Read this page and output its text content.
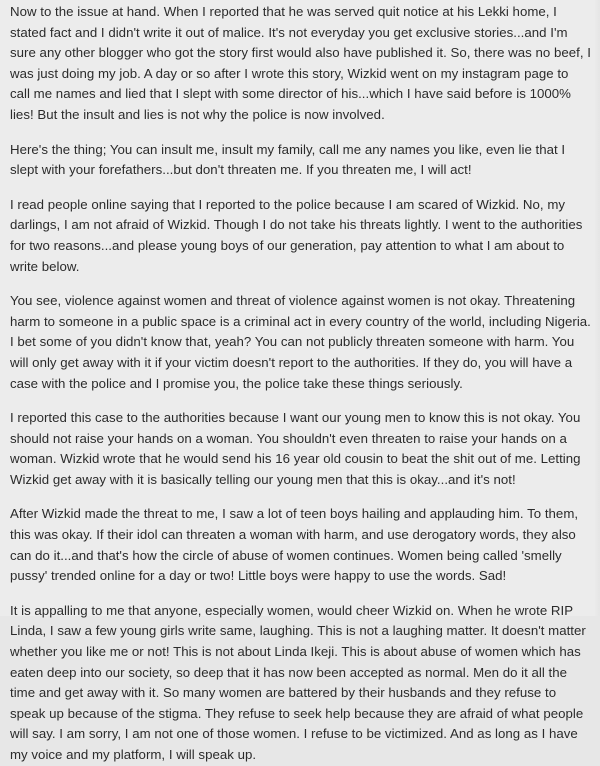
Now to the issue at hand. When I reported that he was served quit notice at his Lekki home, I stated fact and I didn't write it out of malice. It's not everyday you get exclusive stories...and I'm sure any other blogger who got the story first would also have published it. So, there was no beef, I was just doing my job. A day or so after I wrote this story, Wizkid went on my instagram page to call me names and lied that I slept with some director of his...which I have said before is 1000% lies! But the insult and lies is not why the police is now involved.

Here's the thing; You can insult me, insult my family, call me any names you like, even lie that I slept with your forefathers...but don't threaten me. If you threaten me, I will act!

I read people online saying that I reported to the police because I am scared of Wizkid. No, my darlings, I am not afraid of Wizkid. Though I do not take his threats lightly. I went to the authorities for two reasons...and please young boys of our generation, pay attention to what I am about to write below.

You see, violence against women and threat of violence against women is not okay. Threatening harm to someone in a public space is a criminal act in every country of the world, including Nigeria. I bet some of you didn't know that, yeah? You can not publicly threaten someone with harm. You will only get away with it if your victim doesn't report to the authorities. If they do, you will have a case with the police and I promise you, the police take these things seriously.

I reported this case to the authorities because I want our young men to know this is not okay. You should not raise your hands on a woman. You shouldn't even threaten to raise your hands on a woman. Wizkid wrote that he would send his 16 year old cousin to beat the shit out of me. Letting Wizkid get away with it is basically telling our young men that this is okay...and it's not!

After Wizkid made the threat to me, I saw a lot of teen boys hailing and applauding him. To them, this was okay. If their idol can threaten a woman with harm, and use derogatory words, they also can do it...and that's how the circle of abuse of women continues. Women being called 'smelly pussy' trended online for a day or two! Little boys were happy to use the words. Sad!

It is appalling to me that anyone, especially women, would cheer Wizkid on. When he wrote RIP Linda, I saw a few young girls write same, laughing. This is not a laughing matter. It doesn't matter whether you like me or not! This is not about Linda Ikeji. This is about abuse of women which has eaten deep into our society, so deep that it has now been accepted as normal. Men do it all the time and get away with it. So many women are battered by their husbands and they refuse to speak up because of the stigma. They refuse to seek help because they are afraid of what people will say. I am sorry, I am not one of those women. I refuse to be victimized. And as long as I have my voice and my platform, I will speak up.
